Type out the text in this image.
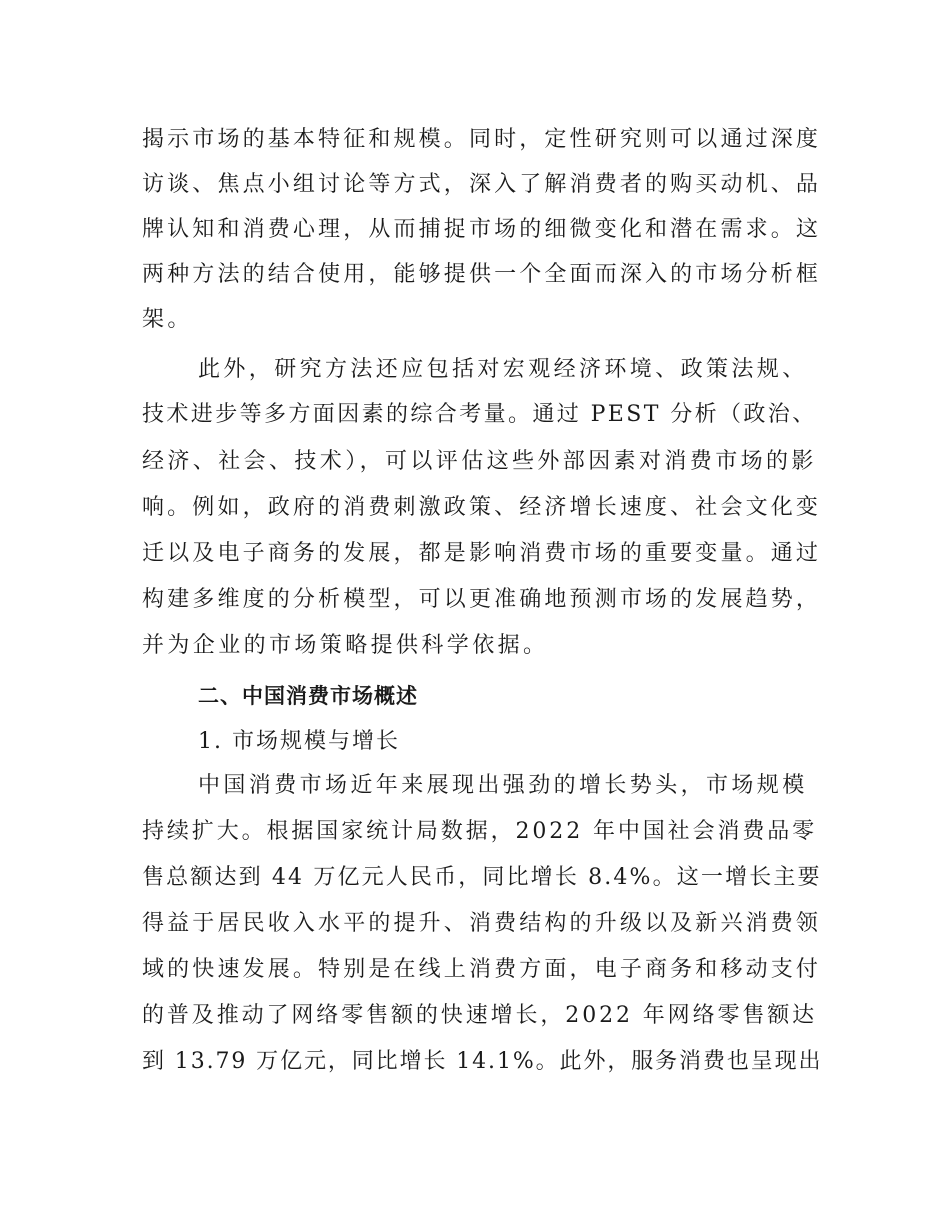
揭示市场的基本特征和规模。同时，定性研究则可以通过深度
访谈、焦点小组讨论等方式，深入了解消费者的购买动机、品
牌认知和消费心理，从而捕捉市场的细微变化和潜在需求。这
两种方法的结合使用，能够提供一个全面而深入的市场分析框
架。
此外，研究方法还应包括对宏观经济环境、政策法规、
技术进步等多方面因素的综合考量。通过 PEST 分析（政治、
经济、社会、技术），可以评估这些外部因素对消费市场的影
响。例如，政府的消费刺激政策、经济增长速度、社会文化变
迁以及电子商务的发展，都是影响消费市场的重要变量。通过
构建多维度的分析模型，可以更准确地预测市场的发展趋势，
并为企业的市场策略提供科学依据。
二、中国消费市场概述
1. 市场规模与增长
中国消费市场近年来展现出强劲的增长势头，市场规模
持续扩大。根据国家统计局数据，2022 年中国社会消费品零
售总额达到 44 万亿元人民币，同比增长 8.4%。这一增长主要
得益于居民收入水平的提升、消费结构的升级以及新兴消费领
域的快速发展。特别是在线上消费方面，电子商务和移动支付
的普及推动了网络零售额的快速增长，2022 年网络零售额达
到 13.79 万亿元，同比增长 14.1%。此外，服务消费也呈现出
